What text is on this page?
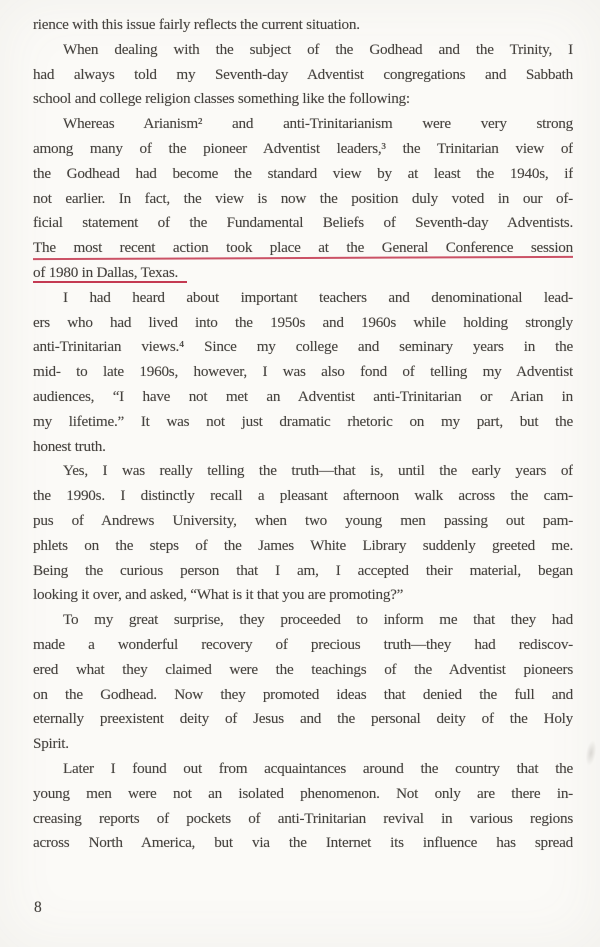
rience with this issue fairly reflects the current situation.
When dealing with the subject of the Godhead and the Trinity, I
had always told my Seventh-day Adventist congregations and Sabbath
school and college religion classes something like the following:
Whereas Arianism² and anti-Trinitarianism were very strong
among many of the pioneer Adventist leaders,³ the Trinitarian view of
the Godhead had become the standard view by at least the 1940s, if
not earlier. In fact, the view is now the position duly voted in our of-
ficial statement of the Fundamental Beliefs of Seventh-day Adventists.
The most recent action took place at the General Conference session
of 1980 in Dallas, Texas.
I had heard about important teachers and denominational lead-
ers who had lived into the 1950s and 1960s while holding strongly
anti-Trinitarian views.⁴ Since my college and seminary years in the
mid- to late 1960s, however, I was also fond of telling my Adventist
audiences, “I have not met an Adventist anti-Trinitarian or Arian in
my lifetime.” It was not just dramatic rhetoric on my part, but the
honest truth.
Yes, I was really telling the truth—that is, until the early years of
the 1990s. I distinctly recall a pleasant afternoon walk across the cam-
pus of Andrews University, when two young men passing out pam-
phlets on the steps of the James White Library suddenly greeted me.
Being the curious person that I am, I accepted their material, began
looking it over, and asked, “What is it that you are promoting?”
To my great surprise, they proceeded to inform me that they had
made a wonderful recovery of precious truth—they had rediscov-
ered what they claimed were the teachings of the Adventist pioneers
on the Godhead. Now they promoted ideas that denied the full and
eternally preexistent deity of Jesus and the personal deity of the Holy
Spirit.
Later I found out from acquaintances around the country that the
young men were not an isolated phenomenon. Not only are there in-
creasing reports of pockets of anti-Trinitarian revival in various regions
across North America, but via the Internet its influence has spread
8
